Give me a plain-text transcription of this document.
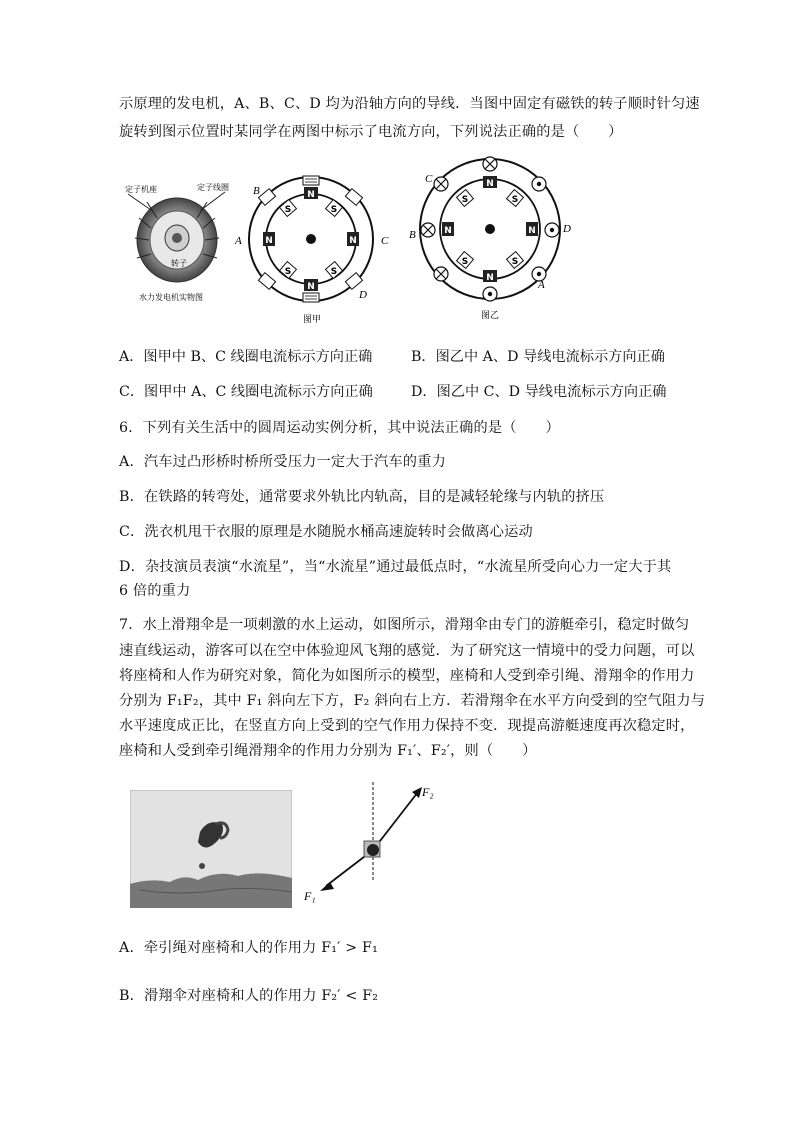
示原理的发电机，A、B、C、D 均为沿轴方向的导线．当图中固定有磁铁的转子顺时针匀速
旋转到图示位置时某同学在两图中标示了电流方向，下列说法正确的是（　　）
定子机座	定子线圈
转子
水力发电机实物图
N
N
N	N
S	S
S	S
A
B
C
D
图甲
N
N
N	N
S	S
S	S
A
B
C
D
图乙
A．图甲中 B、C 线圈电流标示方向正确	B．图乙中 A、D 导线电流标示方向正确
C．图甲中 A、C 线圈电流标示方向正确	D．图乙中 C、D 导线电流标示方向正确
6．下列有关生活中的圆周运动实例分析，其中说法正确的是（　　）
A．汽车过凸形桥时桥所受压力一定大于汽车的重力
B．在铁路的转弯处，通常要求外轨比内轨高，目的是减轻轮缘与内轨的挤压
C．洗衣机甩干衣服的原理是水随脱水桶高速旋转时会做离心运动
D．杂技演员表演“水流星”，当“水流星”通过最低点时，“水流星所受向心力一定大于其
6 倍的重力
7．水上滑翔伞是一项刺激的水上运动，如图所示，滑翔伞由专门的游艇牵引，稳定时做匀
速直线运动，游客可以在空中体验迎风飞翔的感觉．为了研究这一情境中的受力问题，可以
将座椅和人作为研究对象，简化为如图所示的模型，座椅和人受到牵引绳、滑翔伞的作用力
分别为 F₁F₂，其中 F₁ 斜向左下方，F₂ 斜向右上方．若滑翔伞在水平方向受到的空气阻力与
水平速度成正比，在竖直方向上受到的空气作用力保持不变．现提高游艇速度再次稳定时，
座椅和人受到牵引绳滑翔伞的作用力分别为 F₁′、F₂′，则（　　）
F₂
F₁
A．牵引绳对座椅和人的作用力 F₁′ > F₁
B．滑翔伞对座椅和人的作用力 F₂′ < F₂
